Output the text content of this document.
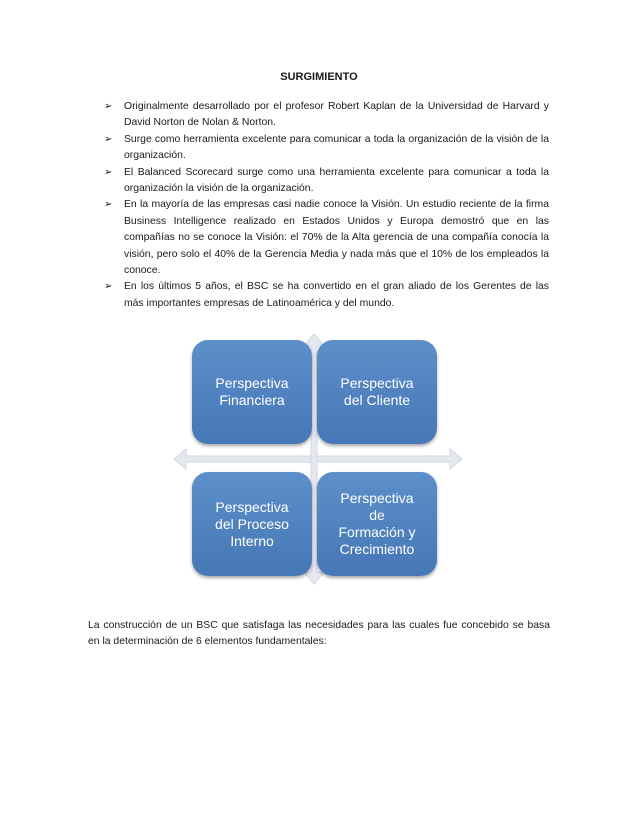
SURGIMIENTO
➢ Originalmente desarrollado por el profesor Robert Kaplan de la Universidad de Harvard y David Norton de Nolan & Norton.
➢ Surge como herramienta excelente para comunicar a toda la organización de la visión de la organización.
➢ El Balanced Scorecard surge como una herramienta excelente para comunicar a toda la organización la visión de la organización.
➢ En la mayoría de las empresas casi nadie conoce la Visión. Un estudio reciente de la firma Business Intelligence realizado en Estados Unidos y Europa demostró que en las compañías no se conoce la Visión: el 70% de la Alta gerencia de una compañía conocía la visión, pero solo el 40% de la Gerencia Media y nada más que el 10% de los empleados la conoce.
➢ En los últimos 5 años, el BSC se ha convertido en el gran aliado de los Gerentes de las más importantes empresas de Latinoamérica y del mundo.
Perspectiva
Financiera
Perspectiva
del Cliente
Perspectiva
del Proceso
Interno
Perspectiva
de
Formación y
Crecimiento

La construcción de un BSC que satisfaga las necesidades para las cuales fue concebido se basa en la determinación de 6 elementos fundamentales:
